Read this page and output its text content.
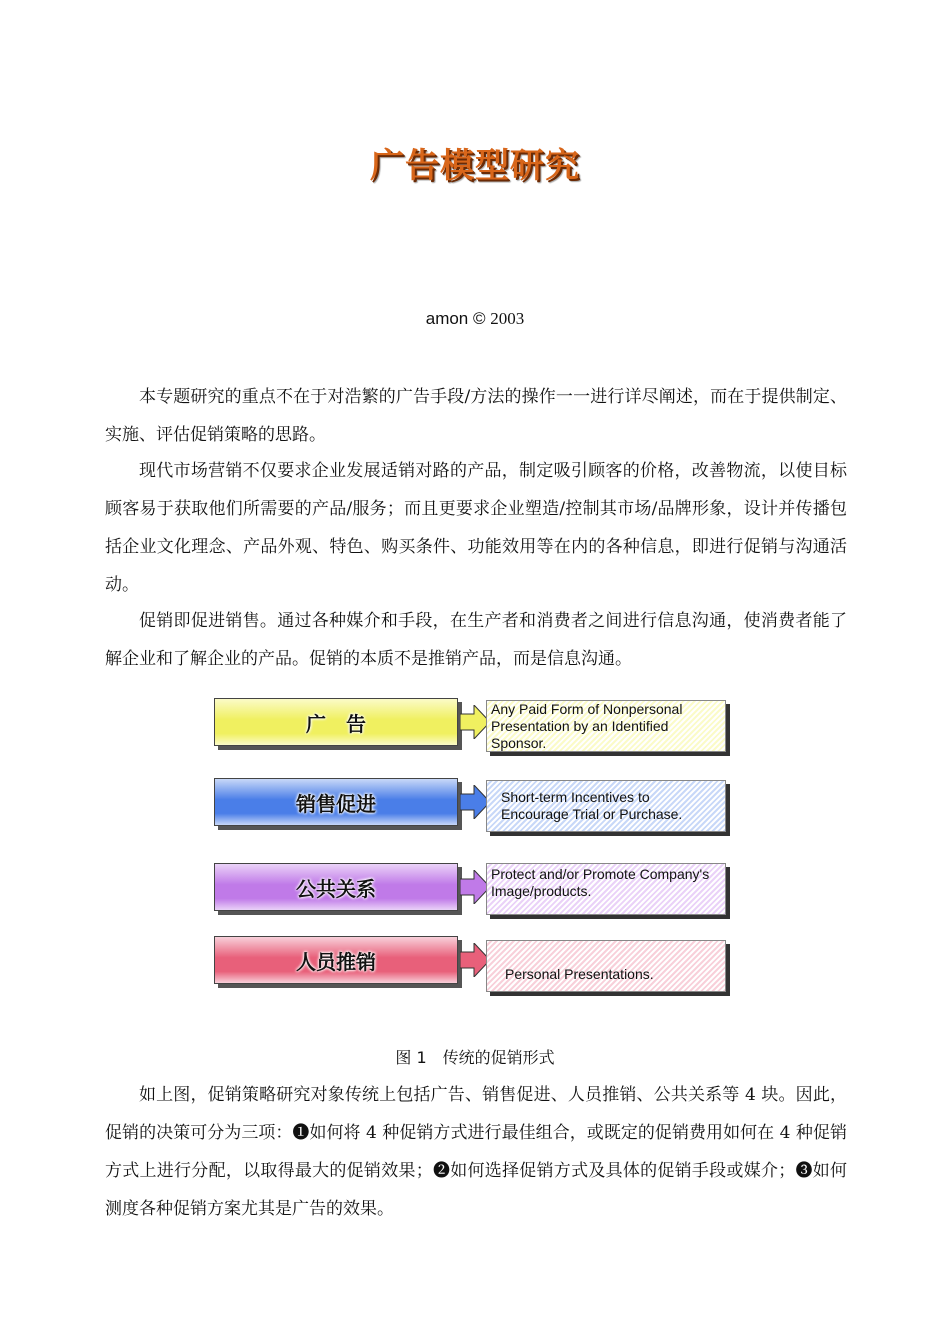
广告模型研究
amon © 2003

本专题研究的重点不在于对浩繁的广告手段/方法的操作一一进行详尽阐述，而在于提供制定、实施、评估促销策略的思路。

现代市场营销不仅要求企业发展适销对路的产品，制定吸引顾客的价格，改善物流，以使目标顾客易于获取他们所需要的产品/服务；而且更要求企业塑造/控制其市场/品牌形象，设计并传播包括企业文化理念、产品外观、特色、购买条件、功能效用等在内的各种信息，即进行促销与沟通活动。

促销即促进销售。通过各种媒介和手段，在生产者和消费者之间进行信息沟通，使消费者能了解企业和了解企业的产品。促销的本质不是推销产品，而是信息沟通。

广　告
Any Paid Form of Nonpersonal Presentation by an Identified Sponsor.
销售促进	Short-term Incentives to Encourage Trial or Purchase.
公共关系
Protect and/or Promote Company's Image/products.
人员推销
Personal Presentations.
图 1　传统的促销形式

如上图，促销策略研究对象传统上包括广告、销售促进、人员推销、公共关系等 4 块。因此，促销的决策可分为三项：❶如何将 4 种促销方式进行最佳组合，或既定的促销费用如何在 4 种促销方式上进行分配，以取得最大的促销效果；❷如何选择促销方式及具体的促销手段或媒介；❸如何测度各种促销方案尤其是广告的效果。
